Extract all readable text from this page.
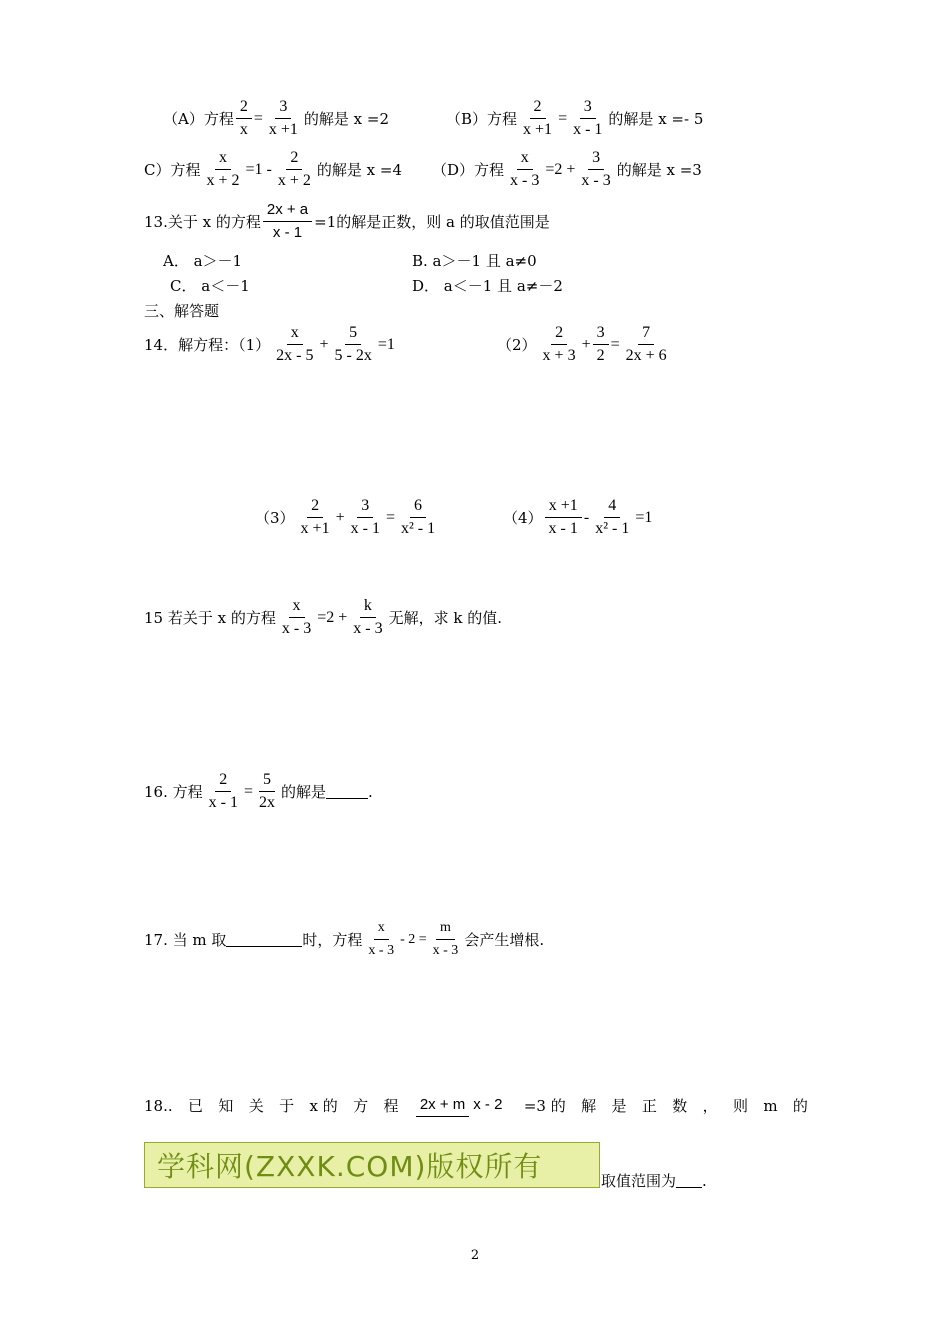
（A）方程 $\frac{2}{x} = \frac{3}{x +1}$ 的解是 x =2	（B）方程 $\frac{2}{x +1} = \frac{3}{x - 1}$ 的解是 x =- 5
C）方程 $\frac{x}{x + 2} =1 - \frac{2}{x + 2}$ 的解是 x =4 （D）方程 $\frac{x}{x - 3} =2 + \frac{3}{x - 3}$ 的解是 x =3
13.关于 x 的方程 $\frac{2x + a}{x - 1} =1$的解是正数，则 a 的取值范围是
A． a＞－1	B. a＞－1 且 a≠0
C． a＜－1	D． a＜－1 且 a≠－2
三、解答题
14．解方程：$(1) \frac{x}{2x - 5} + \frac{5}{5 - 2x} =1$	$(2) \frac{2}{x + 3} + \frac{3}{2} = \frac{7}{2x + 6}$
$(3) \frac{2}{x +1} + \frac{3}{x - 1} = \frac{6}{\text{x² - 1}}$	$(4) \frac{x +1}{x - 1} - \frac{4}{\text{x² - 1}} =1$
15 若关于 x 的方程 $\frac{x}{x - 3} =2 + \frac{k}{x - 3}$ 无解，求 k 的值.
16. 方程 $\frac{2}{x - 1} = \frac{5}{2x}$ 的解是	.
17. 当 m 取	时，方程 $\frac{x}{x - 3} - 2 = \frac{m}{x - 3}$ 会产生增根.
18.. 已 知 关 于 x 的 方 程 2x + m x - 2 =3 的 解 是 正 数 ， 则 m 的
学科网(ZXXK.COM)版权所有	取值范围为 .
2
